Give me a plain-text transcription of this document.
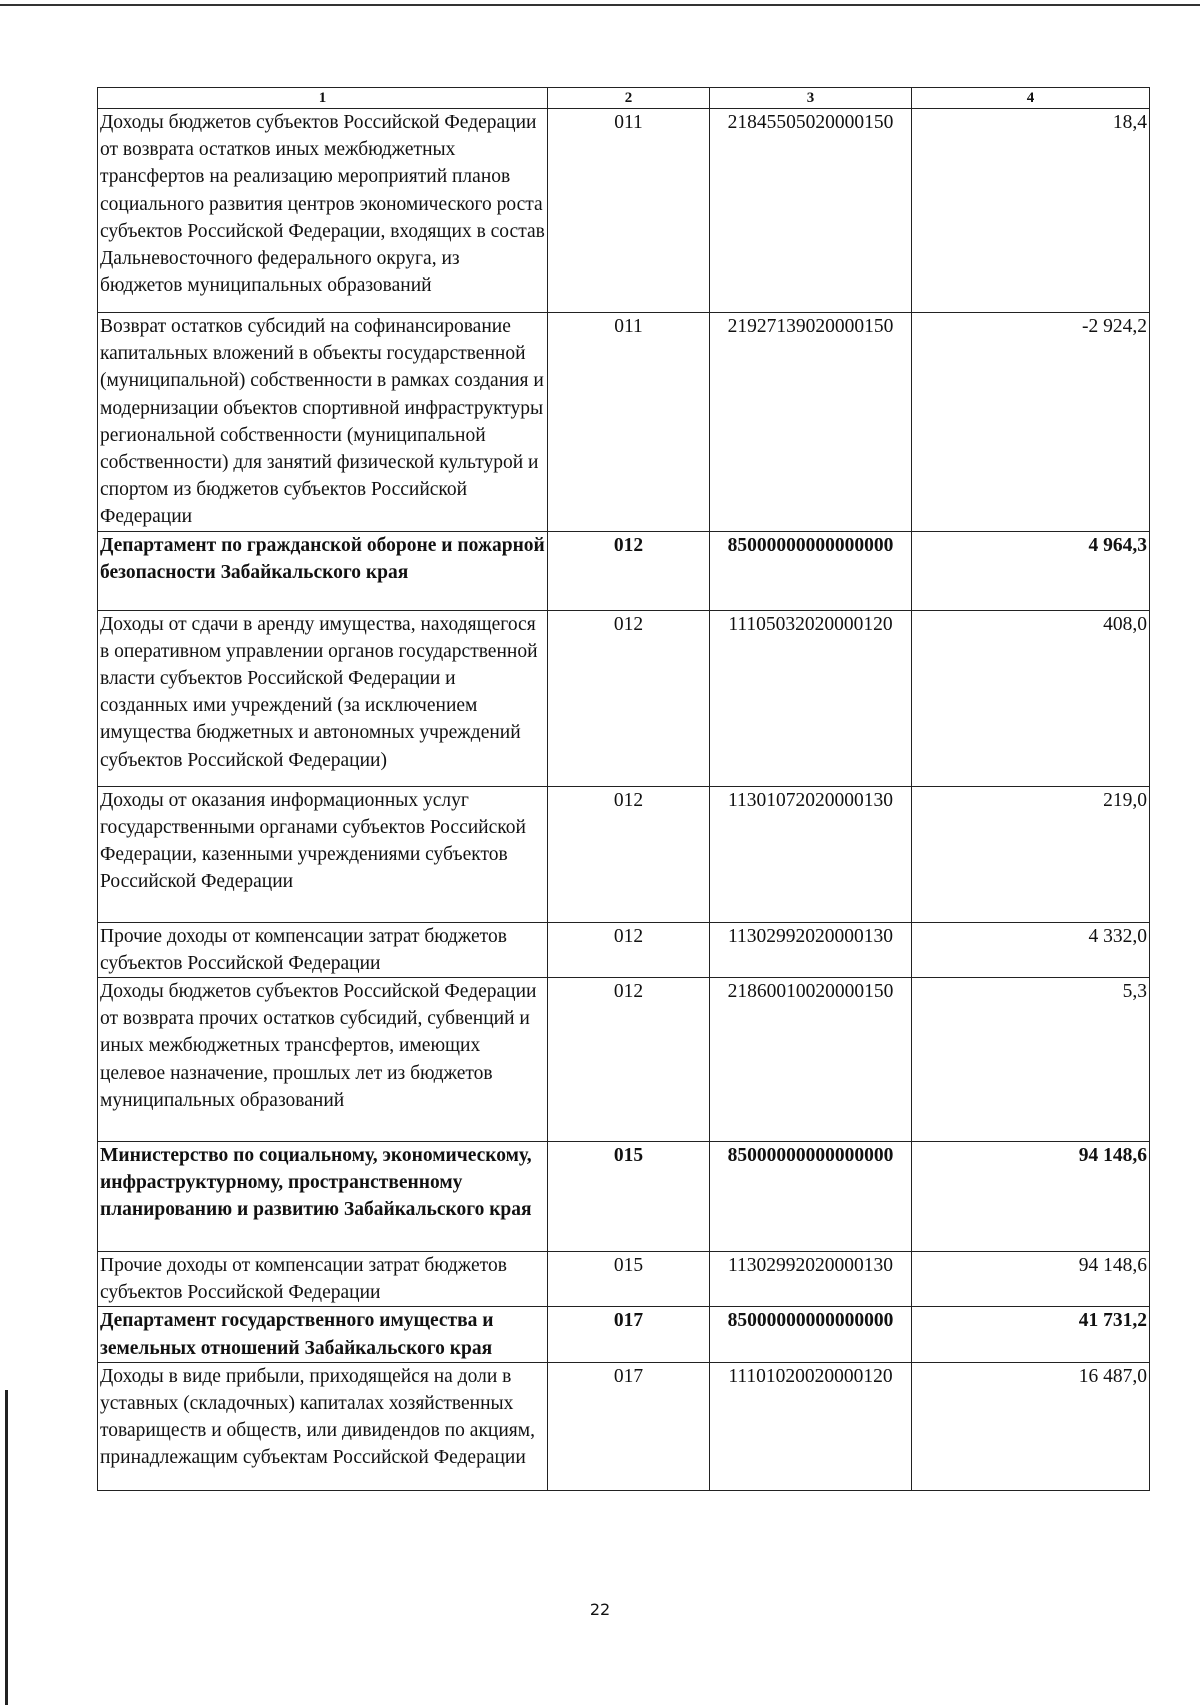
1	2	3	4
Доходы бюджетов субъектов Российской Федерации от возврата остатков иных межбюджетных трансфертов на реализацию мероприятий планов социального развития центров экономического роста субъектов Российской Федерации, входящих в состав Дальневосточного федерального округа, из бюджетов муниципальных образований	011	21845505020000150	18,4
Возврат остатков субсидий на софинансирование капитальных вложений в объекты государственной (муниципальной) собственности в рамках создания и модернизации объектов спортивной инфраструктуры региональной собственности (муниципальной собственности) для занятий физической культурой и спортом из бюджетов субъектов Российской Федерации	011	21927139020000150	-2 924,2
Департамент по гражданской обороне и пожарной безопасности Забайкальского края	012	85000000000000000	4 964,3
Доходы от сдачи в аренду имущества, находящегося в оперативном управлении органов государственной власти субъектов Российской Федерации и созданных ими учреждений (за исключением имущества бюджетных и автономных учреждений субъектов Российской Федерации)	012	11105032020000120	408,0
Доходы от оказания информационных услуг государственными органами субъектов Российской Федерации, казенными учреждениями субъектов Российской Федерации	012	11301072020000130	219,0
Прочие доходы от компенсации затрат бюджетов субъектов Российской Федерации	012	11302992020000130	4 332,0
Доходы бюджетов субъектов Российской Федерации от возврата прочих остатков субсидий, субвенций и иных межбюджетных трансфертов, имеющих целевое назначение, прошлых лет из бюджетов муниципальных образований	012	21860010020000150	5,3
Министерство по социальному, экономическому, инфраструктурному, пространственному планированию и развитию Забайкальского края	015	85000000000000000	94 148,6
Прочие доходы от компенсации затрат бюджетов субъектов Российской Федерации	015	11302992020000130	94 148,6
Департамент государственного имущества и земельных отношений Забайкальского края	017	85000000000000000	41 731,2
Доходы в виде прибыли, приходящейся на доли в уставных (складочных) капиталах хозяйственных товариществ и обществ, или дивидендов по акциям, принадлежащим субъектам Российской Федерации	017	11101020020000120	16 487,0
22
